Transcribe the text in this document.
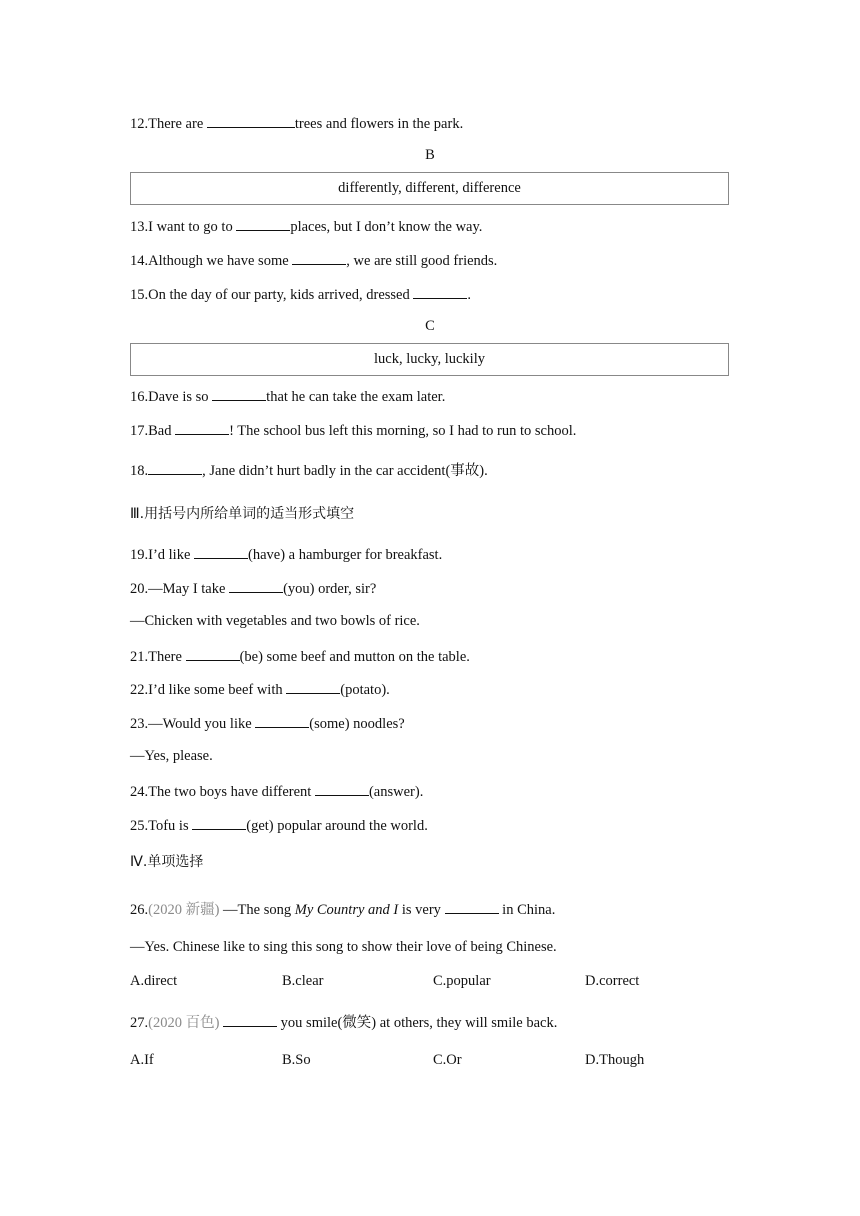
12.There are	trees and flowers in the park.
B
differently, different, difference
13.I want to go to	places, but I don’t know the way.
14.Although we have some	, we are still good friends.
15.On the day of our party, kids arrived, dressed	.
C
luck, lucky, luckily
16.Dave is so	that he can take the exam later.
17.Bad	! The school bus left this morning, so I had to run to school.
18.	, Jane didn’t hurt badly in the car accident(事故).
Ⅲ.用括号内所给单词的适当形式填空
19.I’d like	(have) a hamburger for breakfast.
20.—May I take	(you) order, sir?
—Chicken with vegetables and two bowls of rice.
21.There	(be) some beef and mutton on the table.
22.I’d like some beef with	(potato).
23.—Would you like	(some) noodles?
—Yes, please.
24.The two boys have different	(answer).
25.Tofu is	(get) popular around the world.
Ⅳ.单项选择
26.(2020 新疆) —The song My Country and I is very	in China.
—Yes. Chinese like to sing this song to show their love of being Chinese.
A.direct	B.clear	C.popular	D.correct
27.(2020 百色)	you smile(微笑) at others, they will smile back.
A.If	B.So	C.Or	D.Though
